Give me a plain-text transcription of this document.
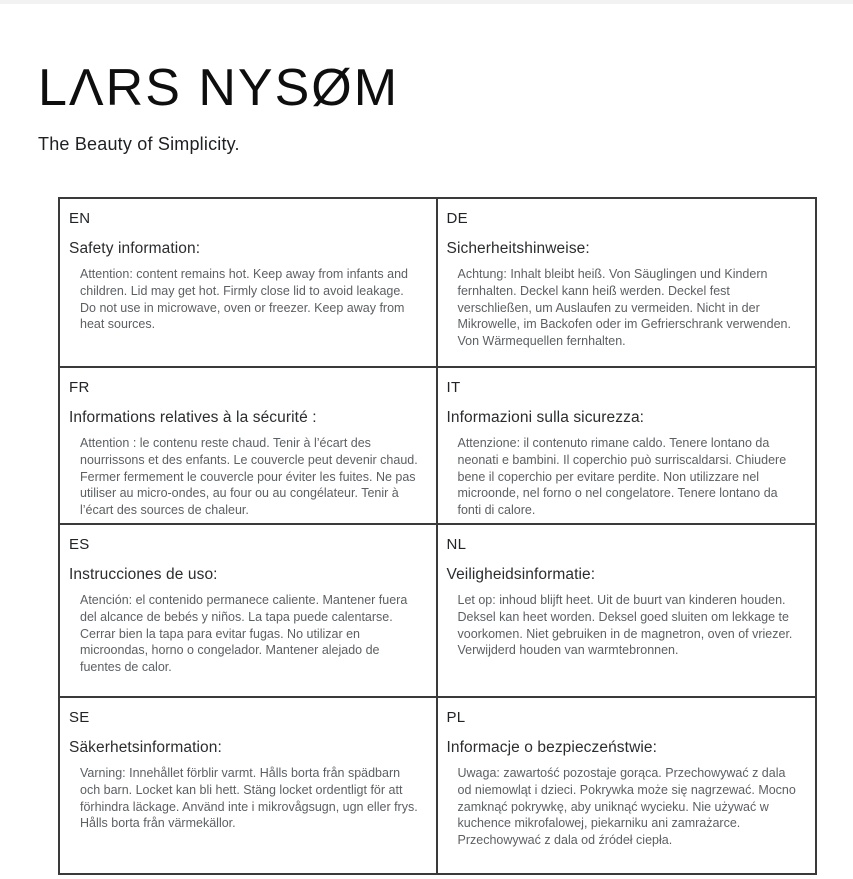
LΛRS NYSØM
The Beauty of Simplicity.
EN
Safety information:

Attention: content remains hot. Keep away from infants and children. Lid may get hot. Firmly close lid to avoid leakage. Do not use in microwave, oven or freezer. Keep away from heat sources.

DE
Sicherheitshinweise:

Achtung: Inhalt bleibt heiß. Von Säuglingen und Kindern fernhalten. Deckel kann heiß werden. Deckel fest verschließen, um Auslaufen zu vermeiden. Nicht in der Mikrowelle, im Backofen oder im Gefrierschrank verwenden. Von Wärmequellen fernhalten.

FR
Informations relatives à la sécurité :

Attention : le contenu reste chaud. Tenir à l’écart des nourrissons et des enfants. Le couvercle peut devenir chaud. Fermer fermement le couvercle pour éviter les fuites. Ne pas utiliser au micro-ondes, au four ou au congélateur. Tenir à l’écart des sources de chaleur.

IT
Informazioni sulla sicurezza:

Attenzione: il contenuto rimane caldo. Tenere lontano da neonati e bambini. Il coperchio può surriscaldarsi. Chiudere bene il coperchio per evitare perdite. Non utilizzare nel microonde, nel forno o nel congelatore. Tenere lontano da fonti di calore.

ES
Instrucciones de uso:

Atención: el contenido permanece caliente. Mantener fuera del alcance de bebés y niños. La tapa puede calentarse. Cerrar bien la tapa para evitar fugas. No utilizar en microondas, horno o congelador. Mantener alejado de fuentes de calor.

NL
Veiligheidsinformatie:

Let op: inhoud blijft heet. Uit de buurt van kinderen houden. Deksel kan heet worden. Deksel goed sluiten om lekkage te voorkomen. Niet gebruiken in de magnetron, oven of vriezer. Verwijderd houden van warmtebronnen.

SE
Säkerhetsinformation:

Varning: Innehållet förblir varmt. Hålls borta från spädbarn och barn. Locket kan bli hett. Stäng locket ordentligt för att förhindra läckage. Använd inte i mikrovågsugn, ugn eller frys. Hålls borta från värmekällor.

PL
Informacje o bezpieczeństwie:

Uwaga: zawartość pozostaje gorąca. Przechowywać z dala od niemowląt i dzieci. Pokrywka może się nagrzewać. Mocno zamknąć pokrywkę, aby uniknąć wycieku. Nie używać w kuchence mikrofalowej, piekarniku ani zamrażarce. Przechowywać z dala od źródeł ciepła.
